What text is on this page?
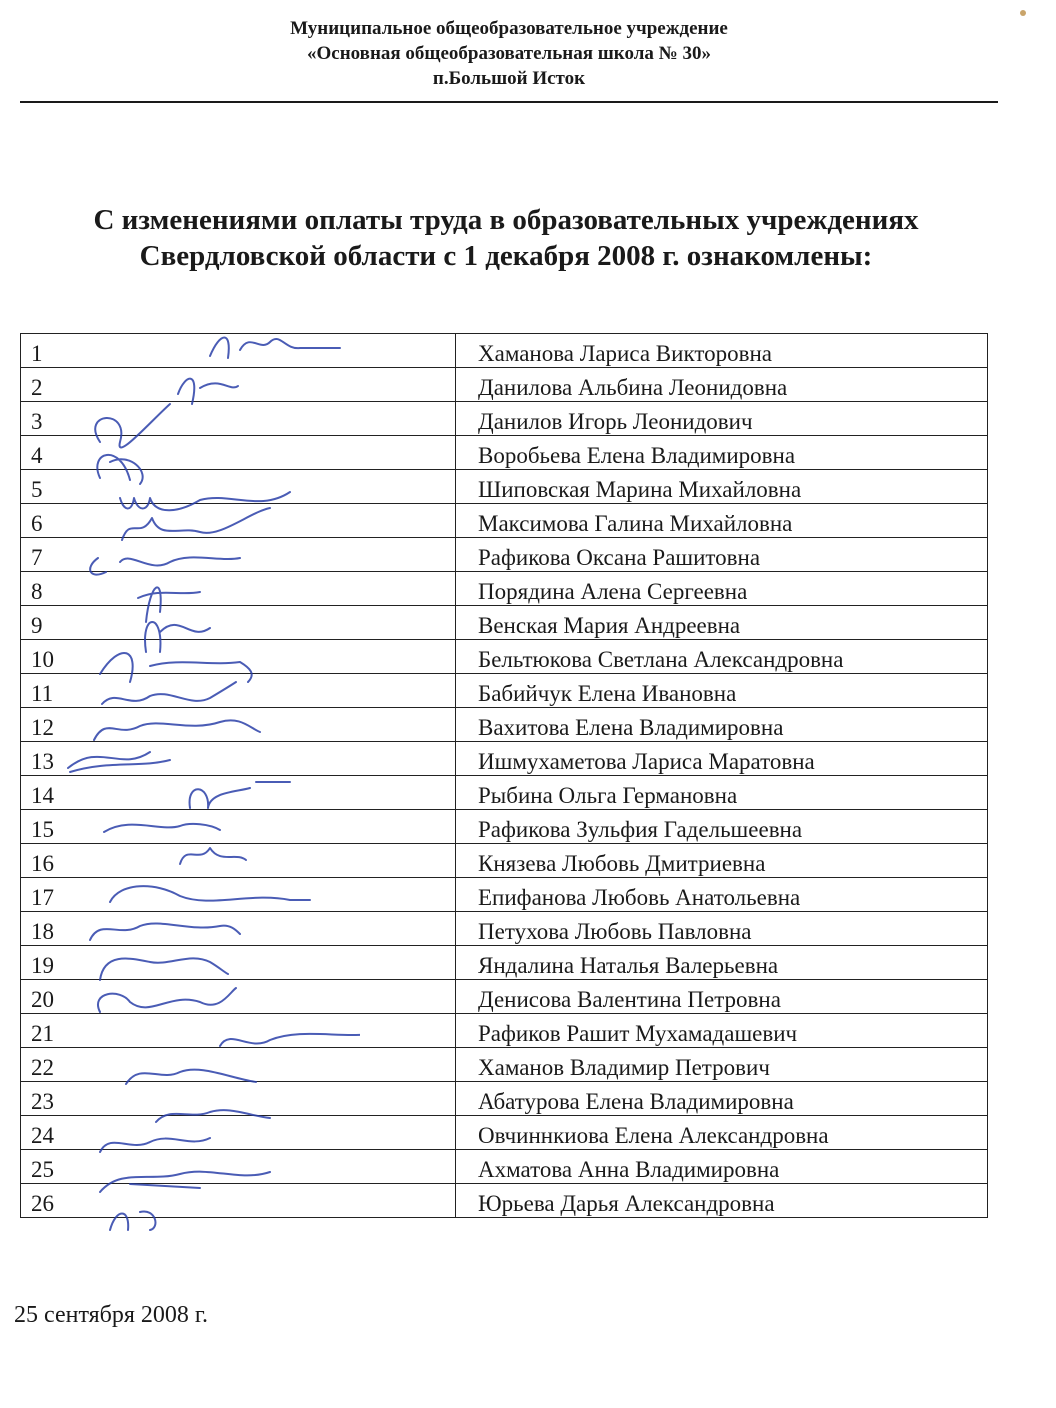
Муниципальное общеобразовательное учреждение
«Основная общеобразовательная школа № 30»
п.Большой Исток
С изменениями оплаты труда в образовательных учреждениях
Свердловской области с 1 декабря 2008 г. ознакомлены:
1	Хаманова Лариса Викторовна
2	Данилова Альбина Леонидовна
3	Данилов Игорь Леонидович
4	Воробьева Елена Владимировна
5	Шиповская Марина Михайловна
6	Максимова Галина Михайловна
7	Рафикова Оксана Рашитовна
8	Порядина Алена Сергеевна
9	Венская Мария Андреевна
10	Бельтюкова Светлана Александровна
11	Бабийчук Елена Ивановна
12	Вахитова Елена Владимировна
13	Ишмухаметова Лариса Маратовна
14	Рыбина Ольга Германовна
15	Рафикова Зульфия Гадельшеевна
16	Князева Любовь Дмитриевна
17	Епифанова Любовь Анатольевна
18	Петухова Любовь Павловна
19	Яндалина Наталья Валерьевна
20	Денисова Валентина Петровна
21	Рафиков Рашит Мухамадашевич
22	Хаманов Владимир Петрович
23	Абатурова Елена Владимировна
24	Овчиннкиова Елена Александровна
25	Ахматова Анна Владимировна
26	Юрьева Дарья Александровна
25 сентября 2008 г.
